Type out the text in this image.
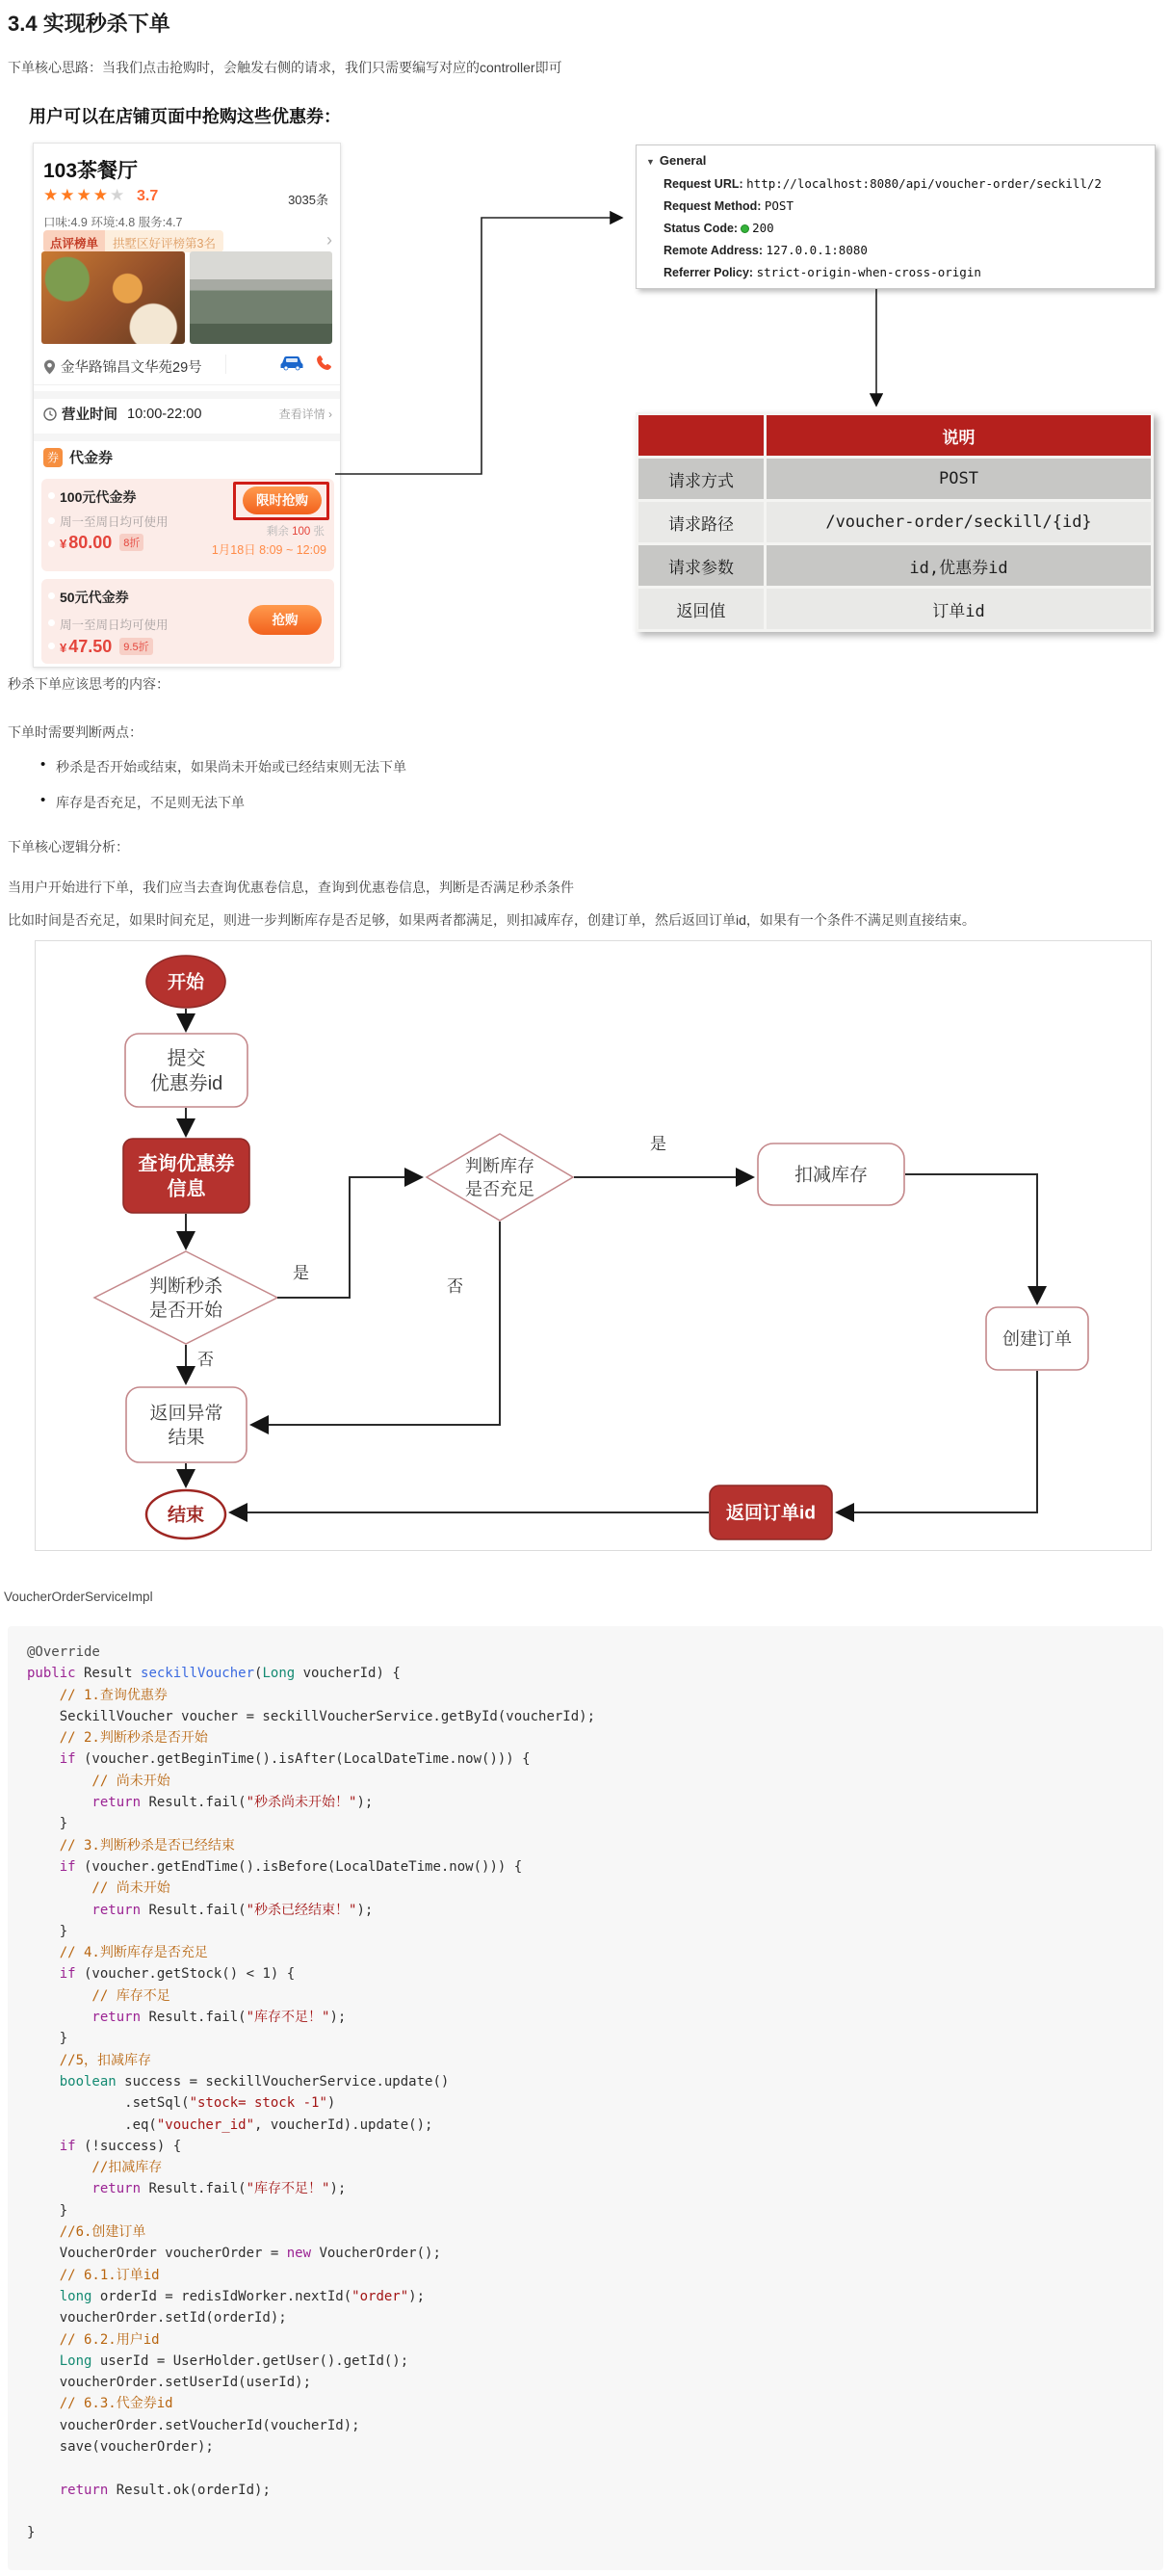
3.4 实现秒杀下单
下单核心思路：当我们点击抢购时，会触发右侧的请求，我们只需要编写对应的controller即可
用户可以在店铺页面中抢购这些优惠券：
103茶餐厅
★★★★★ 3.7	3035条
口味:4.9 环境:4.8 服务:4.7
点评榜单	拱墅区好评榜第3名	›
金华路锦昌文华苑29号
营业时间 10:00-22:00	查看详情 ›
券 代金券
100元代金券
周一至周日均可使用
¥ 80.00 8折
限时抢购
剩余 100 张
1月18日 8:09 ~ 12:09
50元代金券
周一至周日均可使用
¥ 47.50 9.5折
抢购
▼ General
Request URL: http://localhost:8080/api/voucher-order/seckill/2
Request Method: POST
Status Code: 200
Remote Address: 127.0.0.1:8080
Referrer Policy: strict-origin-when-cross-origin
说明
请求方式	POST
请求路径	/voucher-order/seckill/{id}
请求参数	id,优惠券id
返回值	订单id
秒杀下单应该思考的内容：
下单时需要判断两点：
• 秒杀是否开始或结束，如果尚未开始或已经结束则无法下单
• 库存是否充足，不足则无法下单
下单核心逻辑分析：
当用户开始进行下单，我们应当去查询优惠卷信息，查询到优惠卷信息，判断是否满足秒杀条件
比如时间是否充足，如果时间充足，则进一步判断库存是否足够，如果两者都满足，则扣减库存，创建订单，然后返回订单id，如果有一个条件不满足则直接结束。
开始
提交优惠券id
查询优惠券信息
判断秒杀是否开始
判断库存是否充足
扣减库存
创建订单
返回异常结果
返回订单id
结束
是
否
是
否
VoucherOrderServiceImpl
@Override
public Result seckillVoucher(Long voucherId) {
// 1.查询优惠券
SeckillVoucher voucher = seckillVoucherService.getById(voucherId);
// 2.判断秒杀是否开始
if (voucher.getBeginTime().isAfter(LocalDateTime.now())) {
// 尚未开始
return Result.fail("秒杀尚未开始！");
}
// 3.判断秒杀是否已经结束
if (voucher.getEndTime().isBefore(LocalDateTime.now())) {
// 尚未开始
return Result.fail("秒杀已经结束！");
}
// 4.判断库存是否充足
if (voucher.getStock() < 1) {
// 库存不足
return Result.fail("库存不足！");
}
//5，扣减库存
boolean success = seckillVoucherService.update()
.setSql("stock= stock -1")
.eq("voucher_id", voucherId).update();
if (!success) {
//扣减库存
return Result.fail("库存不足！");
}
//6.创建订单
VoucherOrder voucherOrder = new VoucherOrder();
// 6.1.订单id
long orderId = redisIdWorker.nextId("order");
voucherOrder.setId(orderId);
// 6.2.用户id
Long userId = UserHolder.getUser().getId();
voucherOrder.setUserId(userId);
// 6.3.代金券id
voucherOrder.setVoucherId(voucherId);
save(voucherOrder);

return Result.ok(orderId);

}
